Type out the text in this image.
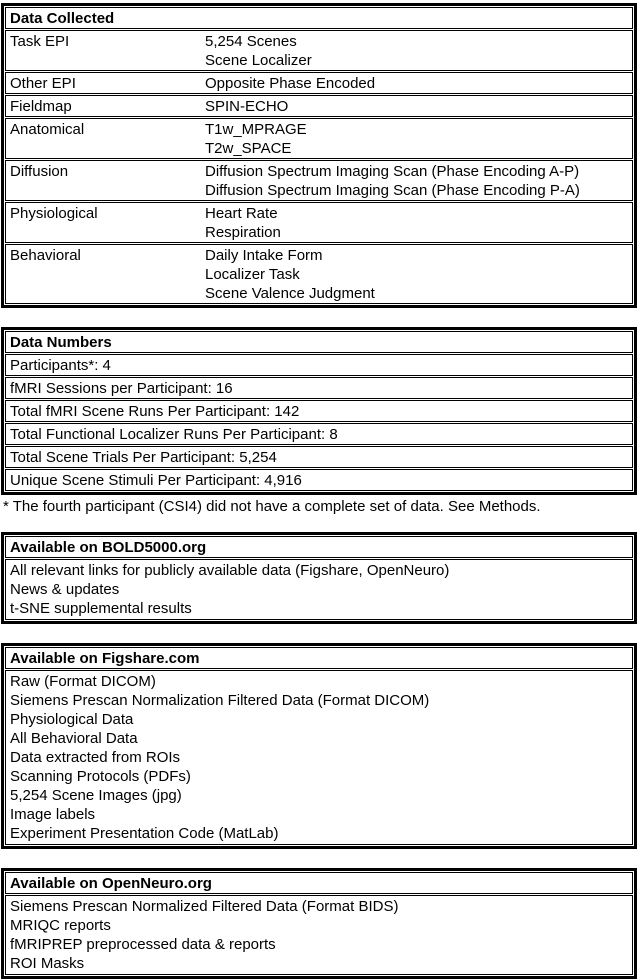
Data Collected
Task EPI	5,254 Scenes
Scene Localizer
Other EPI	Opposite Phase Encoded
Fieldmap	SPIN-ECHO
Anatomical	T1w_MPRAGE
T2w_SPACE
Diffusion	Diffusion Spectrum Imaging Scan (Phase Encoding A-P)
Diffusion Spectrum Imaging Scan (Phase Encoding P-A)
Physiological	Heart Rate
Respiration
Behavioral	Daily Intake Form
Localizer Task
Scene Valence Judgment
Data Numbers
Participants*: 4
fMRI Sessions per Participant: 16
Total fMRI Scene Runs Per Participant: 142
Total Functional Localizer Runs Per Participant: 8
Total Scene Trials Per Participant: 5,254
Unique Scene Stimuli Per Participant: 4,916
* The fourth participant (CSI4) did not have a complete set of data. See Methods.
Available on BOLD5000.org
All relevant links for publicly available data (Figshare, OpenNeuro)
News & updates
t-SNE supplemental results
Available on Figshare.com
Raw (Format DICOM)
Siemens Prescan Normalization Filtered Data (Format DICOM)
Physiological Data
All Behavioral Data
Data extracted from ROIs
Scanning Protocols (PDFs)
5,254 Scene Images (jpg)
Image labels
Experiment Presentation Code (MatLab)
Available on OpenNeuro.org
Siemens Prescan Normalized Filtered Data (Format BIDS)
MRIQC reports
fMRIPREP preprocessed data & reports
ROI Masks
